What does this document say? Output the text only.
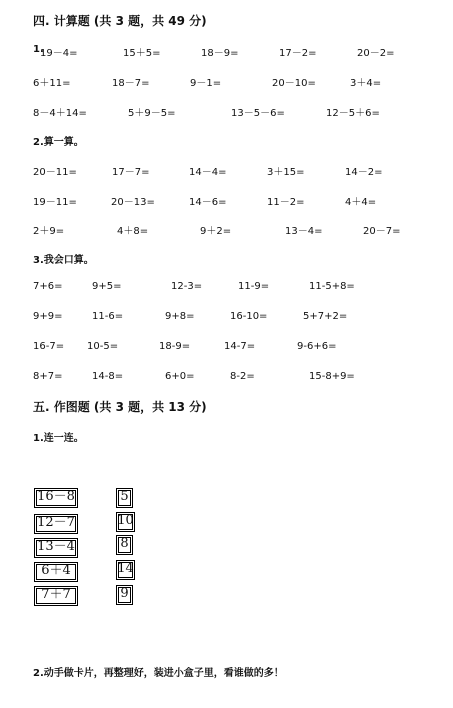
四. 计算题 (共 3 题，共 49 分)
1.
19－4=	15＋5=	18－9=	17－2=	20－2=
6＋11=	18－7=	9－1=	20－10=	3＋4=
8－4＋14=	5＋9－5=	13－5－6=	12－5＋6=
2.算一算。
20－11=	17－7=	14－4=	3＋15=	14－2=
19－11=	20－13=	14－6=	11－2=	4＋4=
2＋9=	4＋8=	9＋2=	13－4=	20－7=
3.我会口算。
7+6=	9+5=	12-3=	11-9=	11-5+8=
9+9=	11-6=	9+8=	16-10=	5+7+2=
16-7= 10-5=	18-9=	14-7=	9-6+6=
8+7=	14-8=	6+0=	8-2=	15-8+9=
五. 作图题 (共 3 题，共 13 分)
1.连一连。
16－8
12－7
13－4
6＋4
7＋7
5
10
8
14
9
2.动手做卡片，再整理好，装进小盒子里，看谁做的多！
